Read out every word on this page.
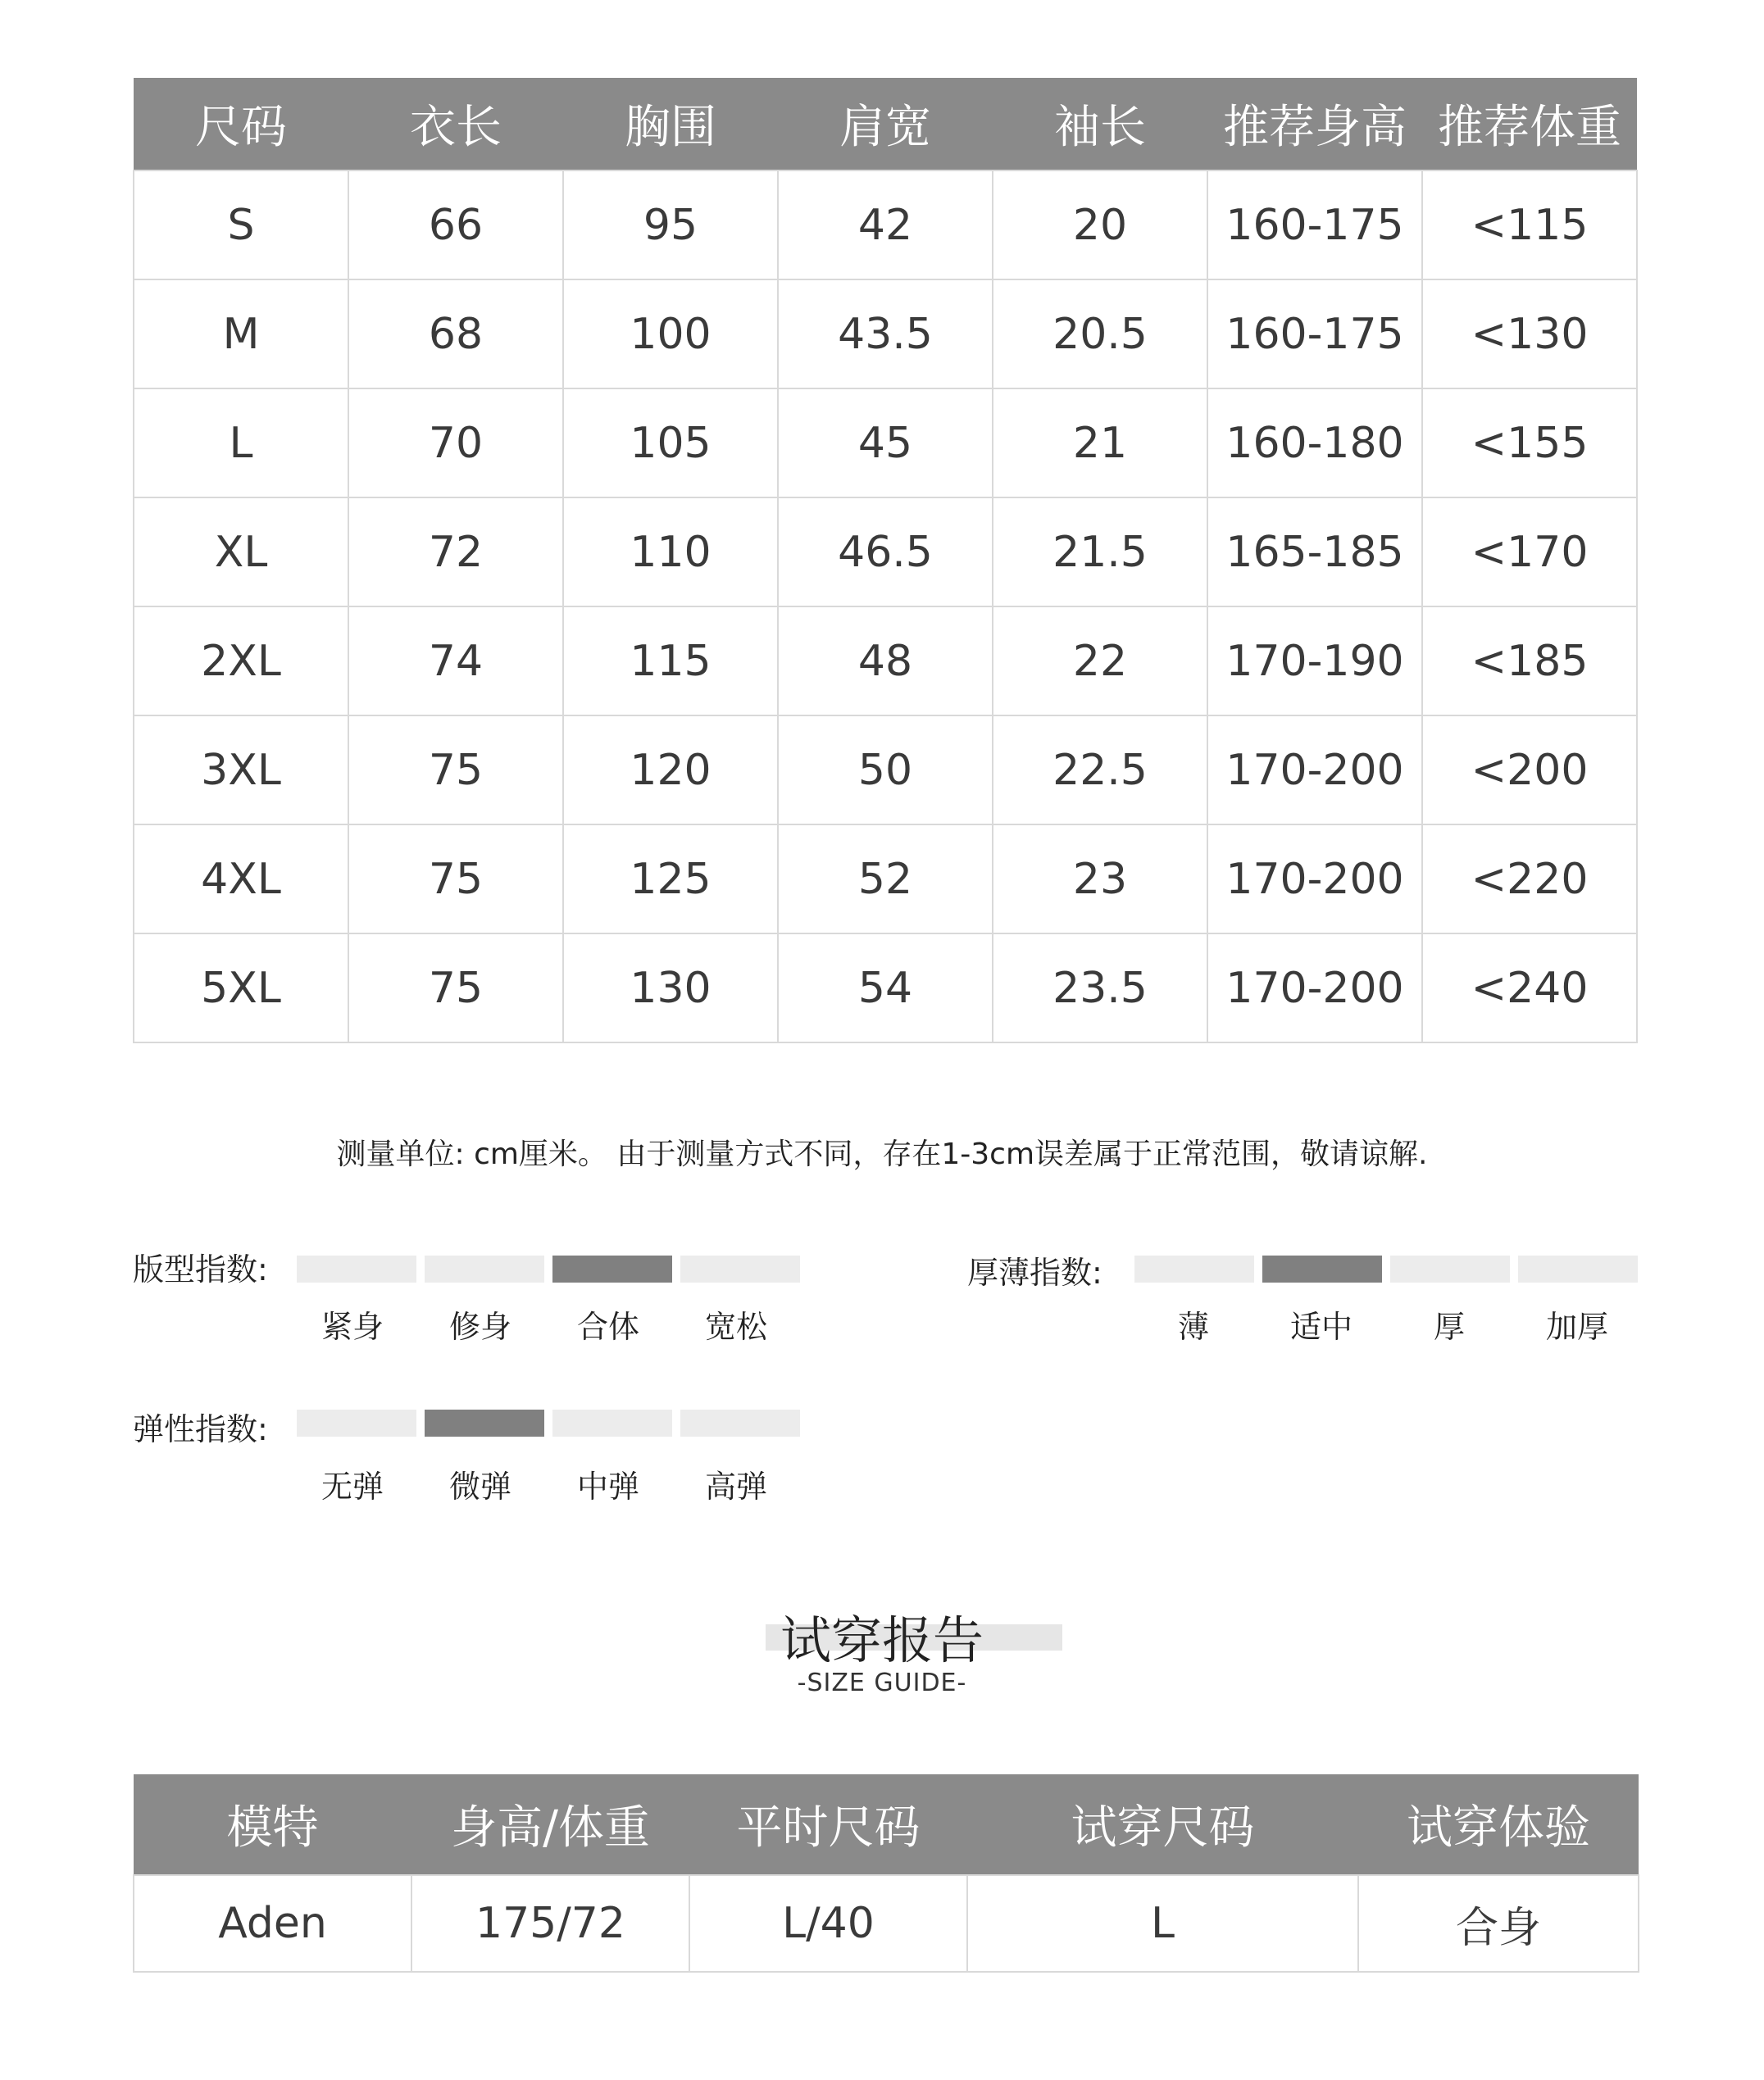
尺码	衣长	胸围	肩宽	袖长	推荐身高	推荐体重
S	66	95	42	20	160-175	<115
M	68	100	43.5	20.5	160-175	<130
L	70	105	45	21	160-180	<155
XL	72	110	46.5	21.5	165-185	<170
2XL	74	115	48	22	170-190	<185
3XL	75	120	50	22.5	170-200	<200
4XL	75	125	52	23	170-200	<220
5XL	75	130	54	23.5	170-200	<240
测量单位: cm厘米。 由于测量方式不同，存在1-3cm误差属于正常范围，敬请谅解.
版型指数:
紧身	修身	合体	宽松
厚薄指数:
薄	适中	厚	加厚
弹性指数:
无弹	微弹	中弹	高弹
试穿报告
-SIZE GUIDE-
模特	身高/体重	平时尺码	试穿尺码	试穿体验
Aden	175/72	L/40	L	合身
